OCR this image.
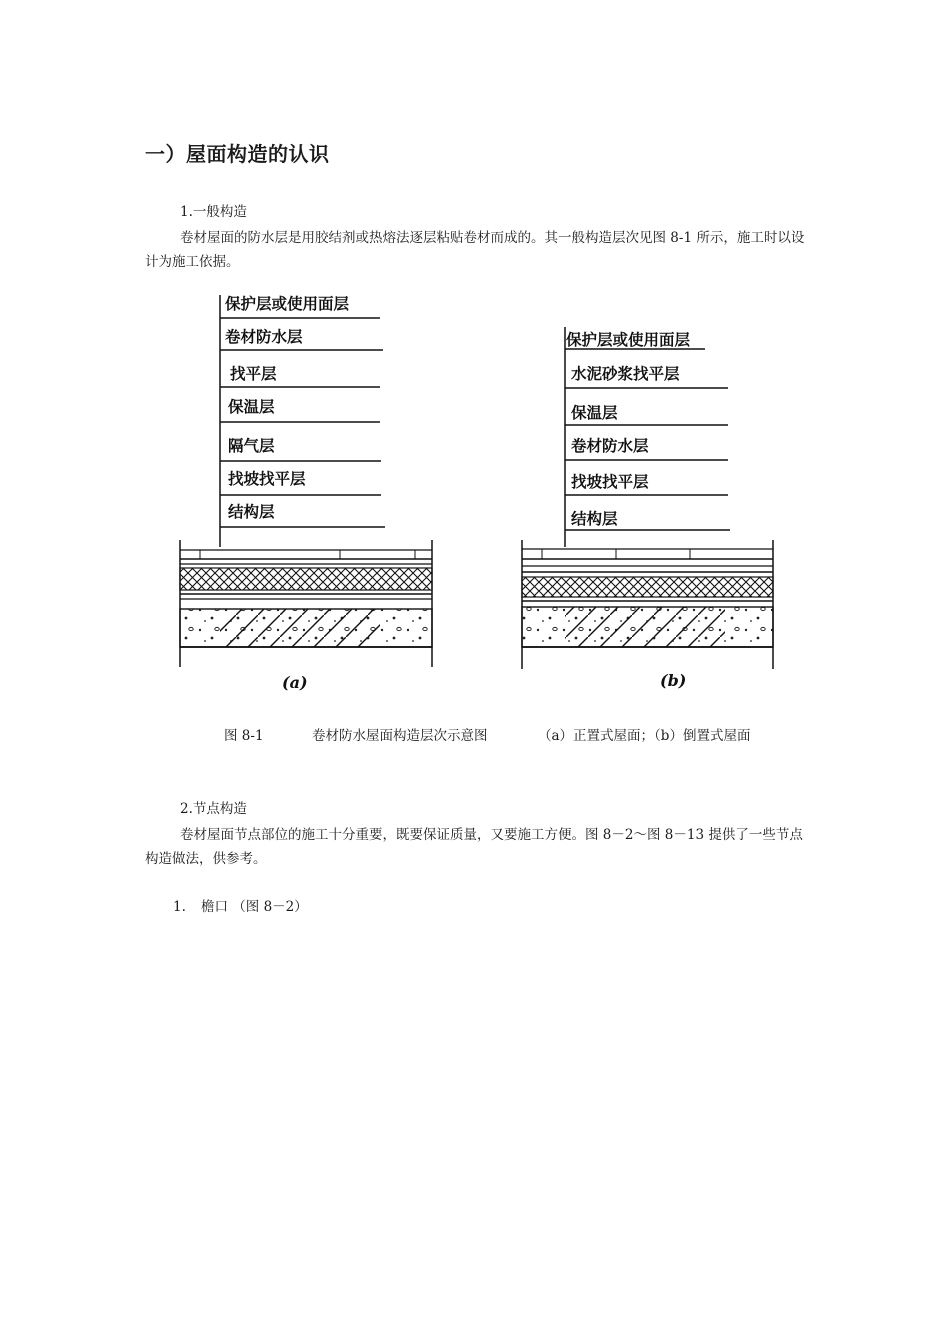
一）屋面构造的认识
1.一般构造
卷材屋面的防水层是用胶结剂或热熔法逐层粘贴卷材而成的。其一般构造层次见图 8-1 所示，施工时以设计为施工依据。
保护层或使用面层
卷材防水层
找平层
保温层
隔气层
找坡找平层
结构层
(a)
保护层或使用面层
水泥砂浆找平层
保温层
卷材防水层
找坡找平层
结构层
(b)
图 8-1	卷材防水屋面构造层次示意图	（a）正置式屋面；（b）倒置式屋面
2.节点构造
卷材屋面节点部位的施工十分重要，既要保证质量，又要施工方便。图 8－2～图 8－13 提供了一些节点构造做法，供参考。
1. 檐口 （图 8－2）
